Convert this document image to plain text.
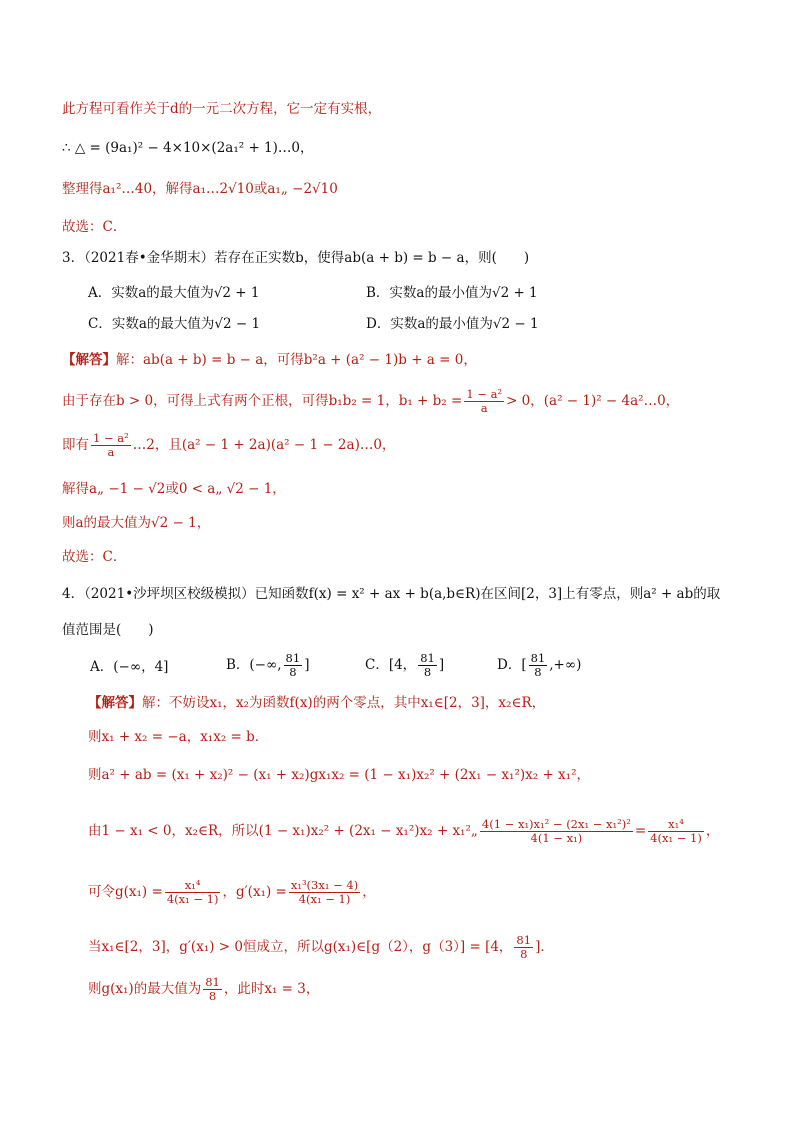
此方程可看作关于d的一元二次方程，它一定有实根，
∴ △ = (9a₁)² − 4×10×(2a₁² + 1)…0，
整理得a₁²…40，解得a₁…2√10或a₁„ −2√10
故选：C．
3．（2021春•金华期末）若存在正实数b，使得ab(a + b) = b − a，则(　　)
A．实数a的最大值为√2 + 1	B．实数a的最小值为√2 + 1
C．实数a的最大值为√2 − 1	D．实数a的最小值为√2 − 1
【解答】解：ab(a + b) = b − a，可得b²a + (a² − 1)b + a = 0，
由于存在b > 0，可得上式有两个正根，可得b₁b₂ = 1，$b_1 + b_2 = \frac{\text{1 − a²}}{a} > 0$，(a² − 1)² − 4a²…0，
即有 $\frac{\text{1 − a²}}{a}$ …2，且(a² − 1 + 2a)(a² − 1 − 2a)…0，
解得a„ −1 − √2或0 < a„ √2 − 1，
则a的最大值为√2 − 1，
故选：C．
4．（2021•沙坪坝区校级模拟）已知函数f(x) = x² + ax + b(a,b∈R)在区间[2，3]上有零点，则a² + ab的取
值范围是(　　)
A．(−∞，4]	B．(−∞, $\frac{81}{8}$ ]	C．[4， $\frac{81}{8}$ ]	D．[ $\frac{81}{8}$ ,+∞)
【解答】解：不妨设x₁，x₂为函数f(x)的两个零点，其中x₁∈[2，3]，x₂∈R，
则x₁ + x₂ = −a，x₁x₂ = b．
则a² + ab = (x₁ + x₂)² − (x₁ + x₂)gx₁x₂ = (1 − x₁)x₂² + (2x₁ − x₁²)x₂ + x₁²，
由1 − x₁ < 0，x₂∈R，所以(1 − x₁)x₂² + (2x₁ − x₁²)x₂ + x₁²„ $\frac{\text{4(1 − x₁)x₁² − (2x₁ − x₁²)²}}{\text{4(1 − x₁)}} = \frac{\text{x₁⁴}}{\text{4(x₁ − 1)}}$ ，
可令$g(x_1) = \frac{\text{x₁⁴}}{\text{4(x₁ − 1)}}$ ，$g'(x_1) = \frac{\text{x₁³(3x₁ − 4)}}{\text{4(x₁ − 1)}}$ ，
当x₁∈[2，3]，g′(x₁) > 0恒成立，所以g(x₁)∈[g（2），g（3）] = [4， $\frac{81}{8}$ ]．
则g(x₁)的最大值为 $\frac{81}{8}$ ，此时x₁ = 3，
